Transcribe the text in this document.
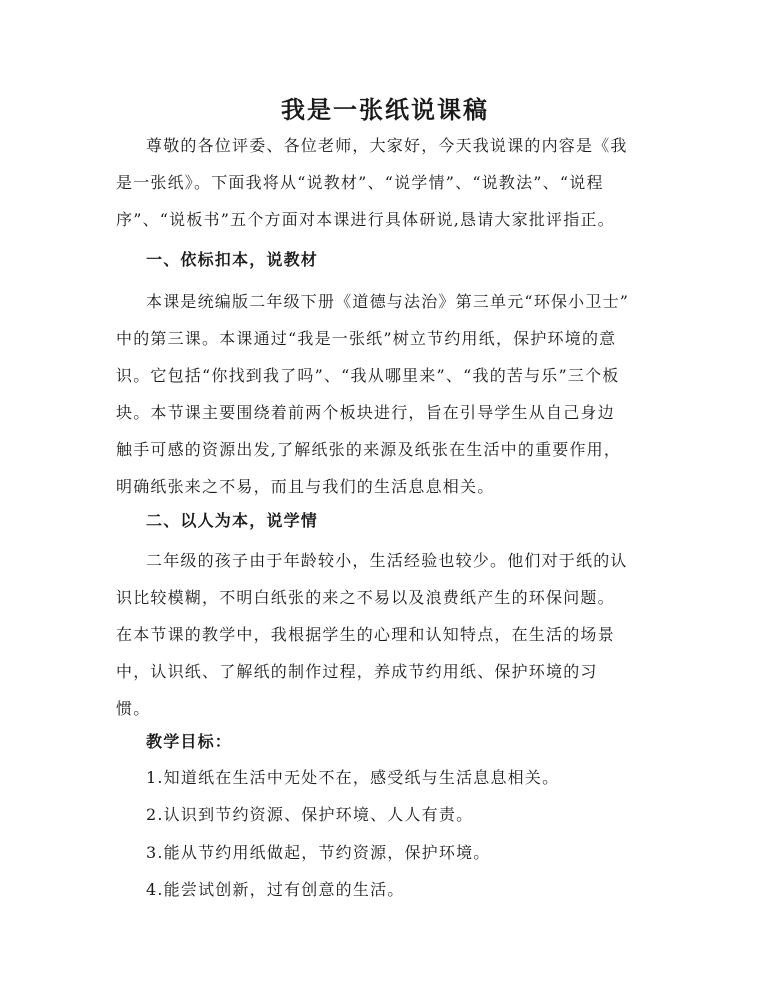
我是一张纸说课稿
尊敬的各位评委、各位老师，大家好，今天我说课的内容是《我
是一张纸》。下面我将从“说教材”、“说学情”、“说教法”、“说程
序”、“说板书”五个方面对本课进行具体研说,恳请大家批评指正。
一、依标扣本，说教材
本课是统编版二年级下册《道德与法治》第三单元“环保小卫士”
中的第三课。本课通过“我是一张纸”树立节约用纸，保护环境的意
识。它包括“你找到我了吗”、“我从哪里来”、“我的苦与乐”三个板
块。本节课主要围绕着前两个板块进行，旨在引导学生从自己身边
触手可感的资源出发,了解纸张的来源及纸张在生活中的重要作用，
明确纸张来之不易，而且与我们的生活息息相关。
二、以人为本，说学情
二年级的孩子由于年龄较小，生活经验也较少。他们对于纸的认
识比较模糊，不明白纸张的来之不易以及浪费纸产生的环保问题。
在本节课的教学中，我根据学生的心理和认知特点，在生活的场景
中，认识纸、了解纸的制作过程，养成节约用纸、保护环境的习
惯。
教学目标：
1.知道纸在生活中无处不在，感受纸与生活息息相关。
2.认识到节约资源、保护环境、人人有责。
3.能从节约用纸做起，节约资源，保护环境。
4.能尝试创新，过有创意的生活。
